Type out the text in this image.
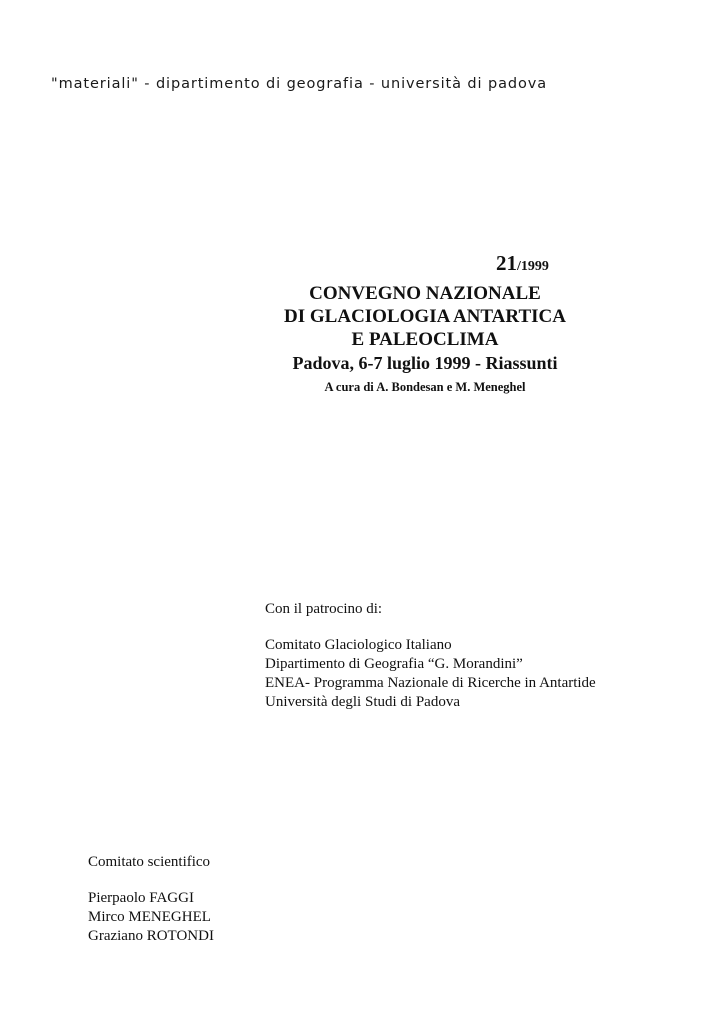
"materiali" - dipartimento di geografia - università di padova
21/1999
CONVEGNO NAZIONALE
DI GLACIOLOGIA ANTARTICA
E PALEOCLIMA
Padova, 6-7 luglio 1999 - Riassunti
A cura di A. Bondesan e M. Meneghel
Con il patrocino di:
Comitato Glaciologico Italiano
Dipartimento di Geografia “G. Morandini”
ENEA- Programma Nazionale di Ricerche in Antartide
Università degli Studi di Padova
Comitato scientifico
Pierpaolo FAGGI
Mirco MENEGHEL
Graziano ROTONDI
